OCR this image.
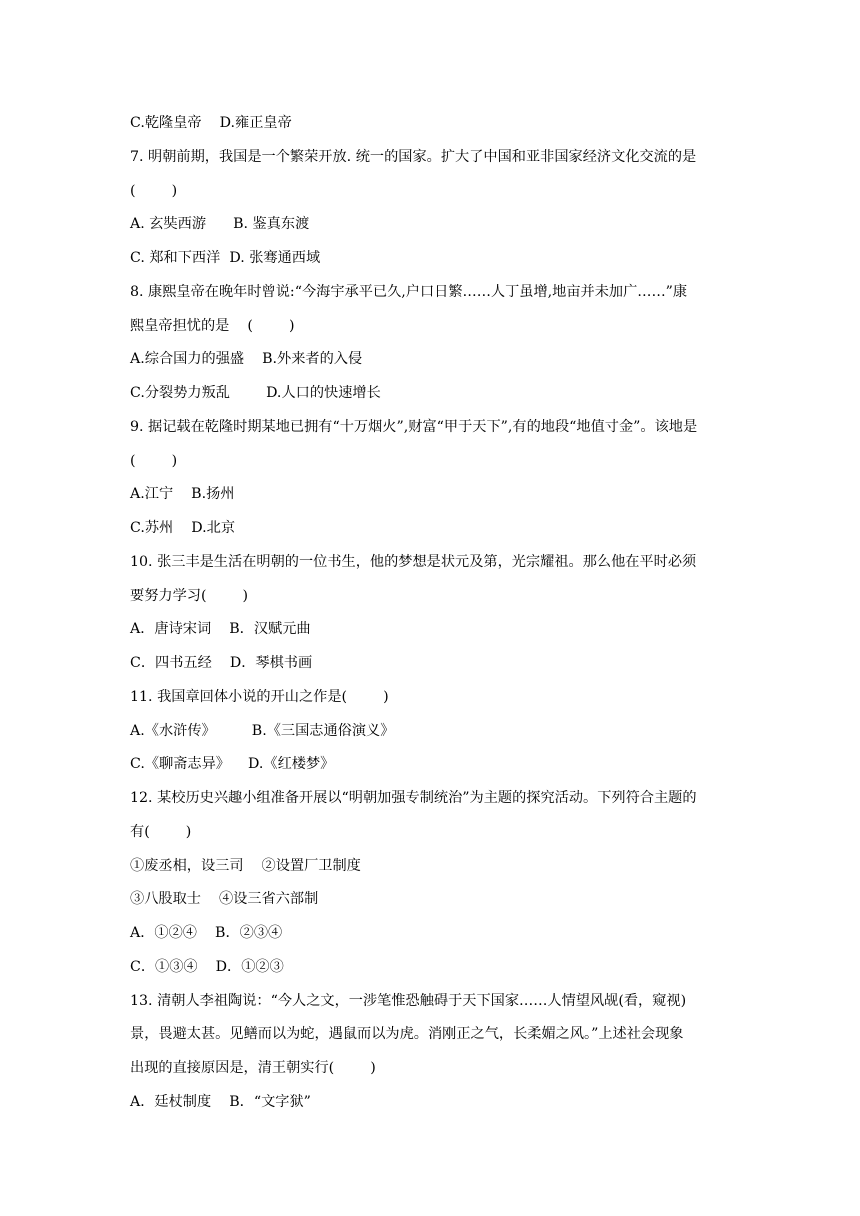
C.乾隆皇帝    D.雍正皇帝
7. 明朝前期，我国是一个繁荣开放. 统一的国家。扩大了中国和亚非国家经济文化交流的是
(        )
A. 玄奘西游      B. 鉴真东渡
C. 郑和下西洋  D. 张骞通西域
8. 康熙皇帝在晚年时曾说:“今海宇承平已久,户口日繁……人丁虽增,地亩并未加广……”康
熙皇帝担忧的是    (        )
A.综合国力的强盛    B.外来者的入侵
C.分裂势力叛乱        D.人口的快速增长
9. 据记载在乾隆时期某地已拥有“十万烟火”,财富“甲于天下”,有的地段“地值寸金”。该地是
(        )
A.江宁    B.扬州
C.苏州    D.北京
10. 张三丰是生活在明朝的一位书生，他的梦想是状元及第，光宗耀祖。那么他在平时必须
要努力学习(        )
A．唐诗宋词    B．汉赋元曲
C．四书五经    D．琴棋书画
11. 我国章回体小说的开山之作是(        )
A.《水浒传》        B.《三国志通俗演义》
C.《聊斋志异》    D.《红楼梦》
12. 某校历史兴趣小组准备开展以“明朝加强专制统治”为主题的探究活动。下列符合主题的
有(        )
①废丞相，设三司    ②设置厂卫制度
③八股取士    ④设三省六部制
A．①②④    B．②③④
C．①③④    D．①②③
13. 清朝人李祖陶说：“今人之文，一涉笔惟恐触碍于天下国家……人情望风觇(看，窥视)
景，畏避太甚。见鳝而以为蛇，遇鼠而以为虎。消刚正之气，长柔媚之风。”上述社会现象
出现的直接原因是，清王朝实行(        )
A．廷杖制度    B．“文字狱”
